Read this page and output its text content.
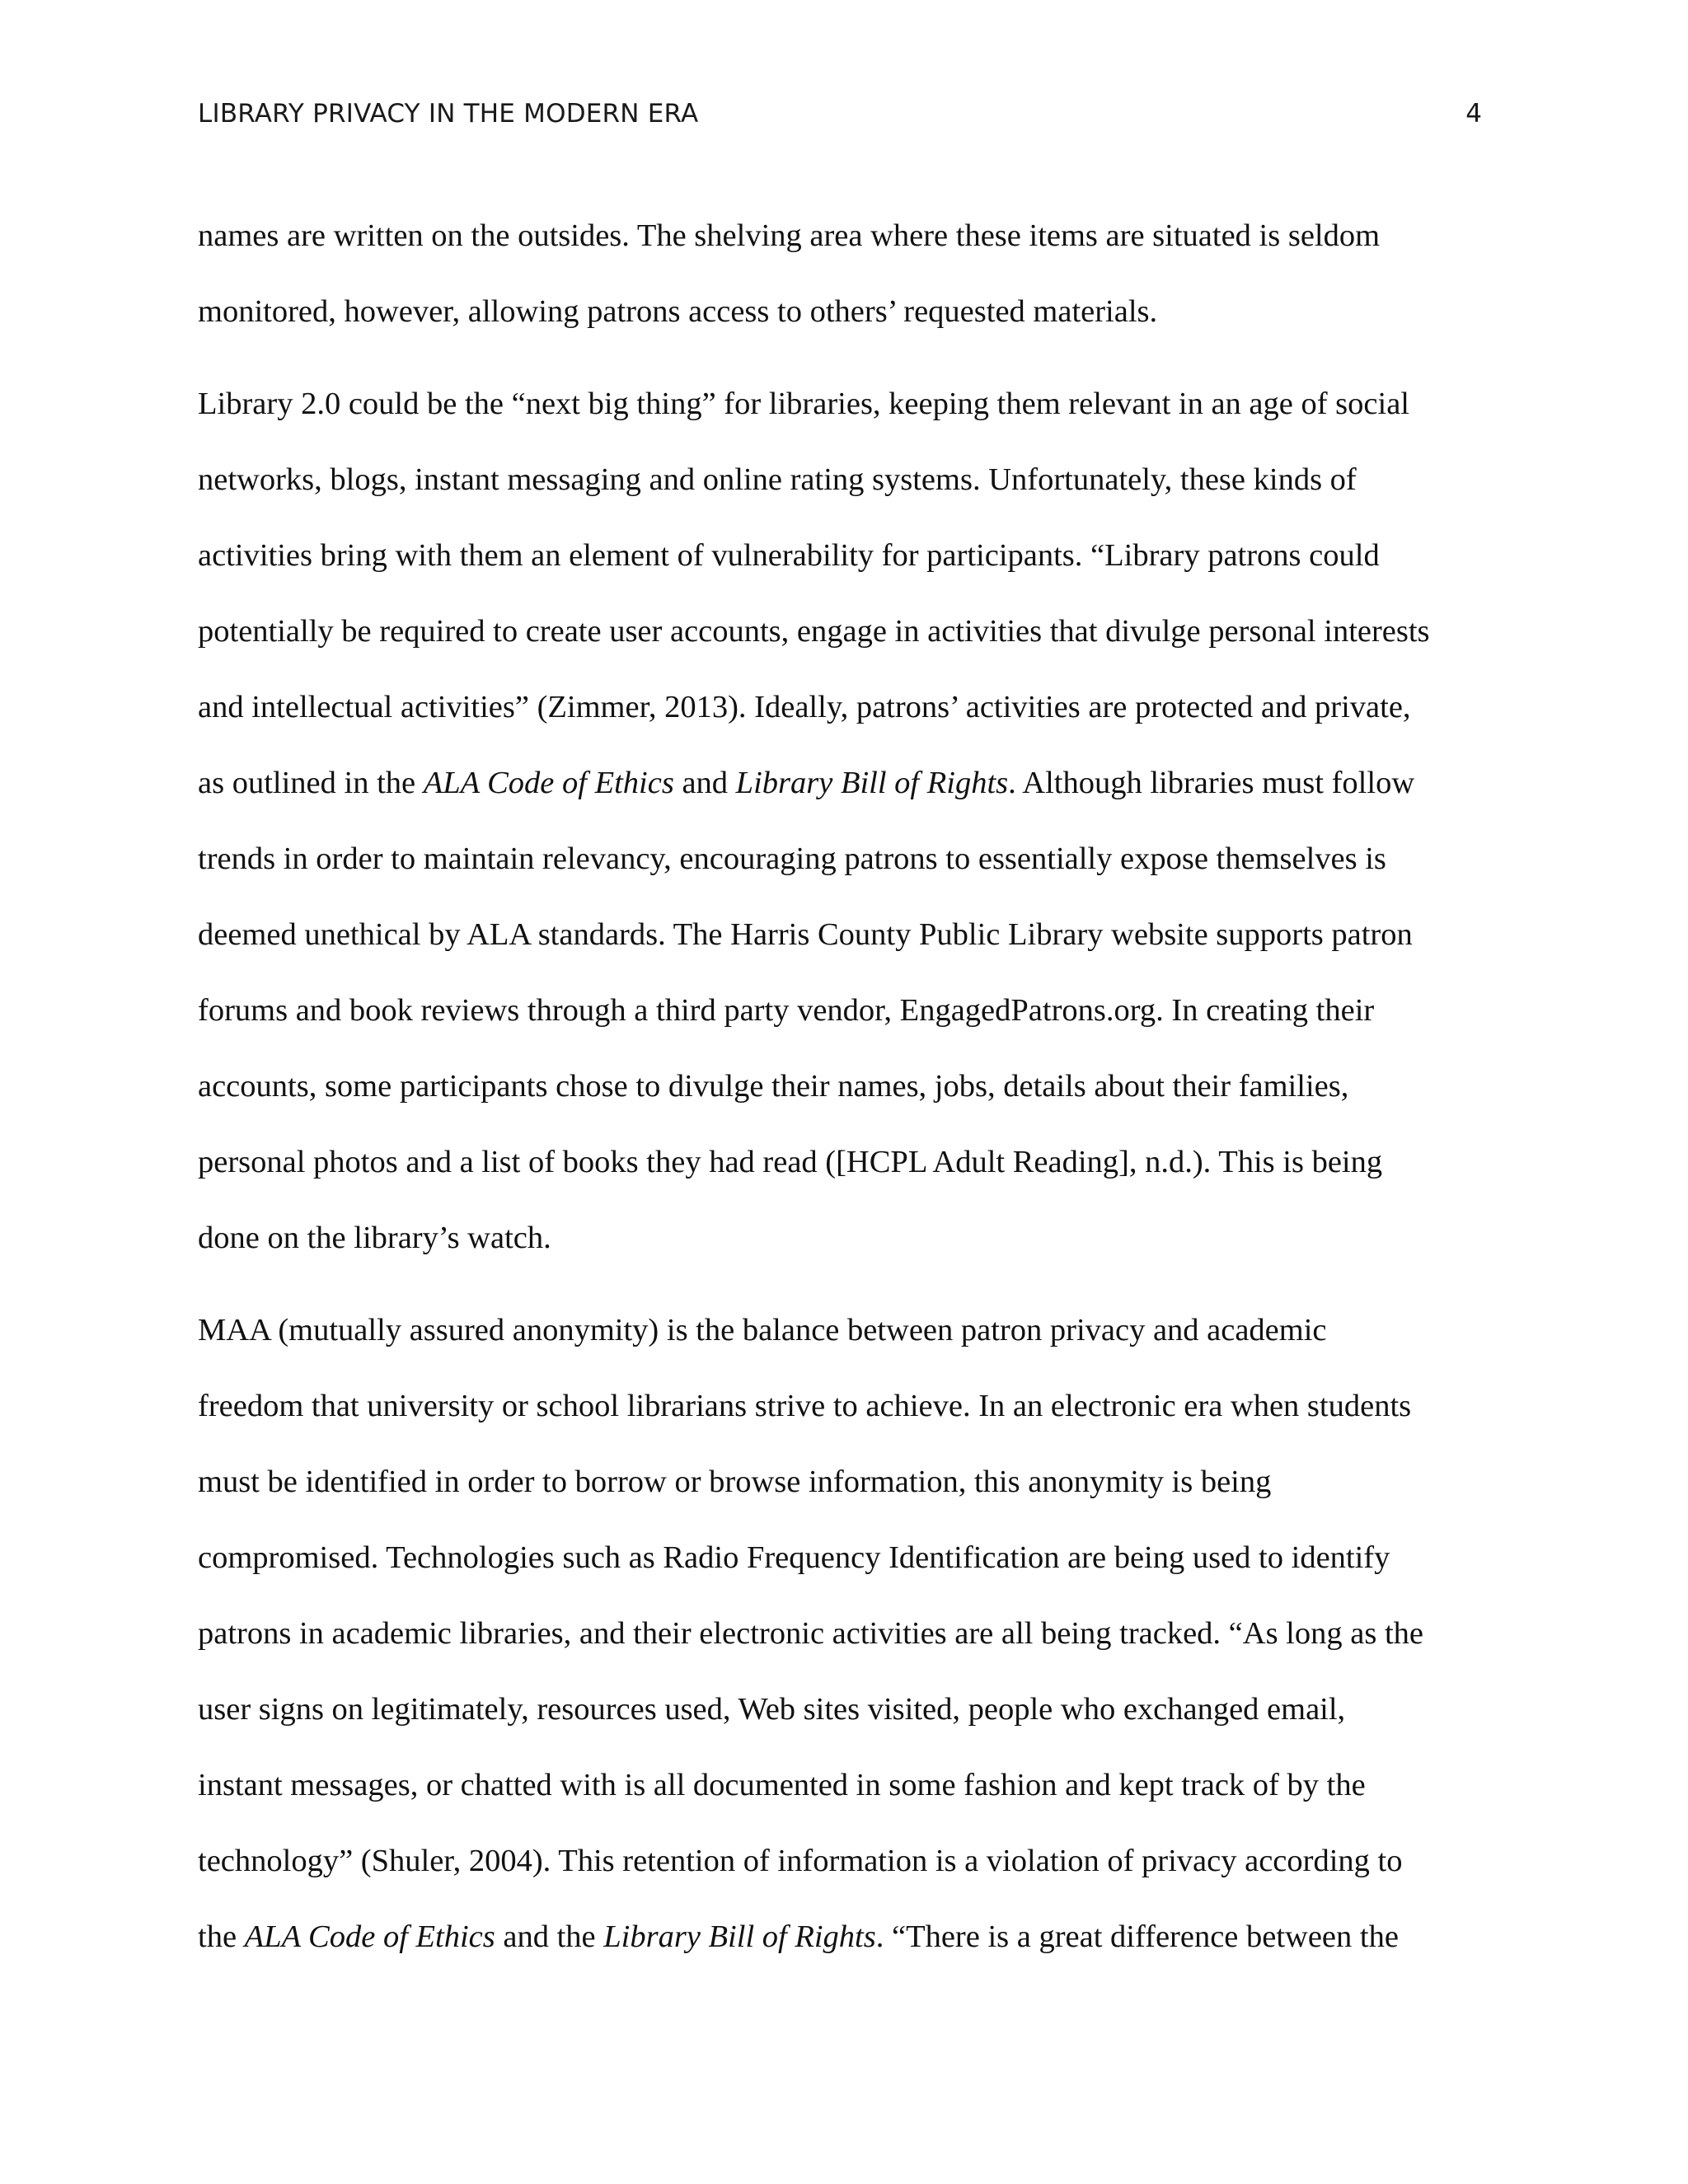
LIBRARY PRIVACY IN THE MODERN ERA	4

names are written on the outsides. The shelving area where these items are situated is seldom
monitored, however, allowing patrons access to others’ requested materials.

Library 2.0 could be the “next big thing” for libraries, keeping them relevant in an age of social
networks, blogs, instant messaging and online rating systems. Unfortunately, these kinds of
activities bring with them an element of vulnerability for participants. “Library patrons could
potentially be required to create user accounts, engage in activities that divulge personal interests
and intellectual activities” (Zimmer, 2013). Ideally, patrons’ activities are protected and private,
as outlined in the ALA Code of Ethics and Library Bill of Rights. Although libraries must follow
trends in order to maintain relevancy, encouraging patrons to essentially expose themselves is
deemed unethical by ALA standards. The Harris County Public Library website supports patron
forums and book reviews through a third party vendor, EngagedPatrons.org. In creating their
accounts, some participants chose to divulge their names, jobs, details about their families,
personal photos and a list of books they had read ([HCPL Adult Reading], n.d.). This is being
done on the library’s watch.

MAA (mutually assured anonymity) is the balance between patron privacy and academic
freedom that university or school librarians strive to achieve. In an electronic era when students
must be identified in order to borrow or browse information, this anonymity is being
compromised. Technologies such as Radio Frequency Identification are being used to identify
patrons in academic libraries, and their electronic activities are all being tracked. “As long as the
user signs on legitimately, resources used, Web sites visited, people who exchanged email,
instant messages, or chatted with is all documented in some fashion and kept track of by the
technology” (Shuler, 2004). This retention of information is a violation of privacy according to
the ALA Code of Ethics and the Library Bill of Rights. “There is a great difference between the
